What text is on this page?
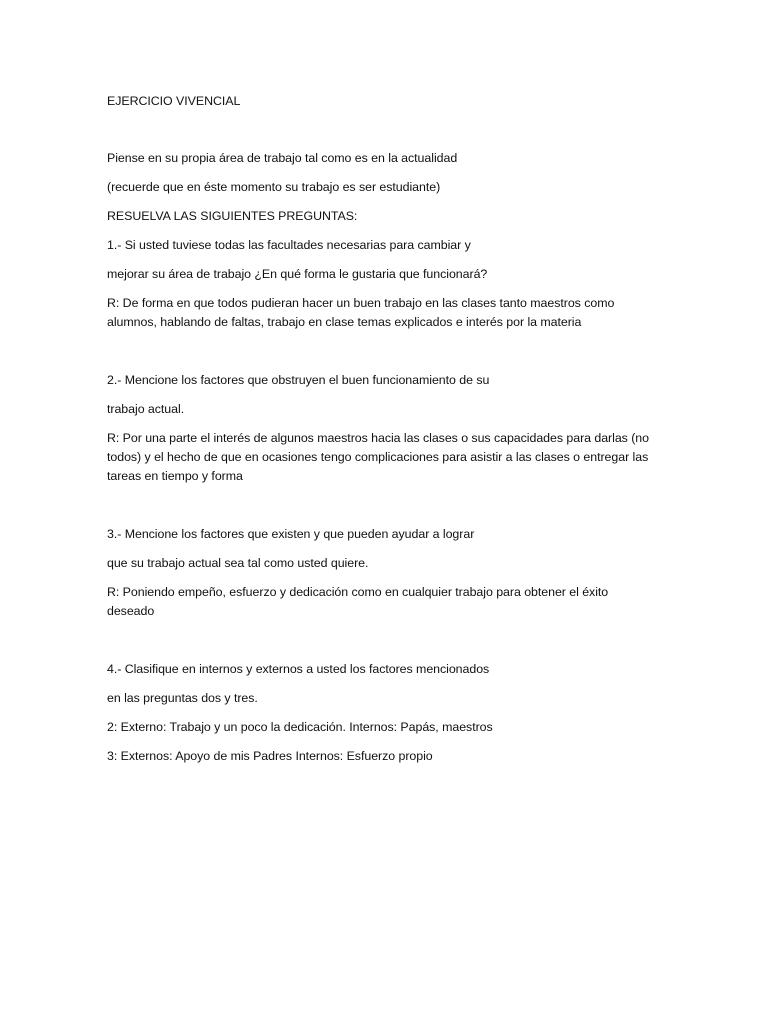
EJERCICIO VIVENCIAL
Piense en su propia área de trabajo tal como es en la actualidad
(recuerde que en éste momento su trabajo es ser estudiante)
RESUELVA LAS SIGUIENTES PREGUNTAS:
1.- Si usted tuviese todas las facultades necesarias para cambiar y
mejorar su área de trabajo ¿En qué forma le gustaria que funcionará?
R: De forma en que todos pudieran hacer un buen trabajo en las clases tanto maestros como
alumnos, hablando de faltas, trabajo en clase temas explicados e interés por la materia
2.- Mencione los factores que obstruyen el buen funcionamiento de su
trabajo actual.
R: Por una parte el interés de algunos maestros hacia las clases o sus capacidades para darlas (no
todos) y el hecho de que en ocasiones tengo complicaciones para asistir a las clases o entregar las
tareas en tiempo y forma
3.- Mencione los factores que existen y que pueden ayudar a lograr
que su trabajo actual sea tal como usted quiere.
R: Poniendo empeño, esfuerzo y dedicación como en cualquier trabajo para obtener el éxito
deseado
4.- Clasifique en internos y externos a usted los factores mencionados
en las preguntas dos y tres.
2: Externo: Trabajo y un poco la dedicación. Internos: Papás, maestros
3: Externos: Apoyo de mis Padres Internos: Esfuerzo propio
